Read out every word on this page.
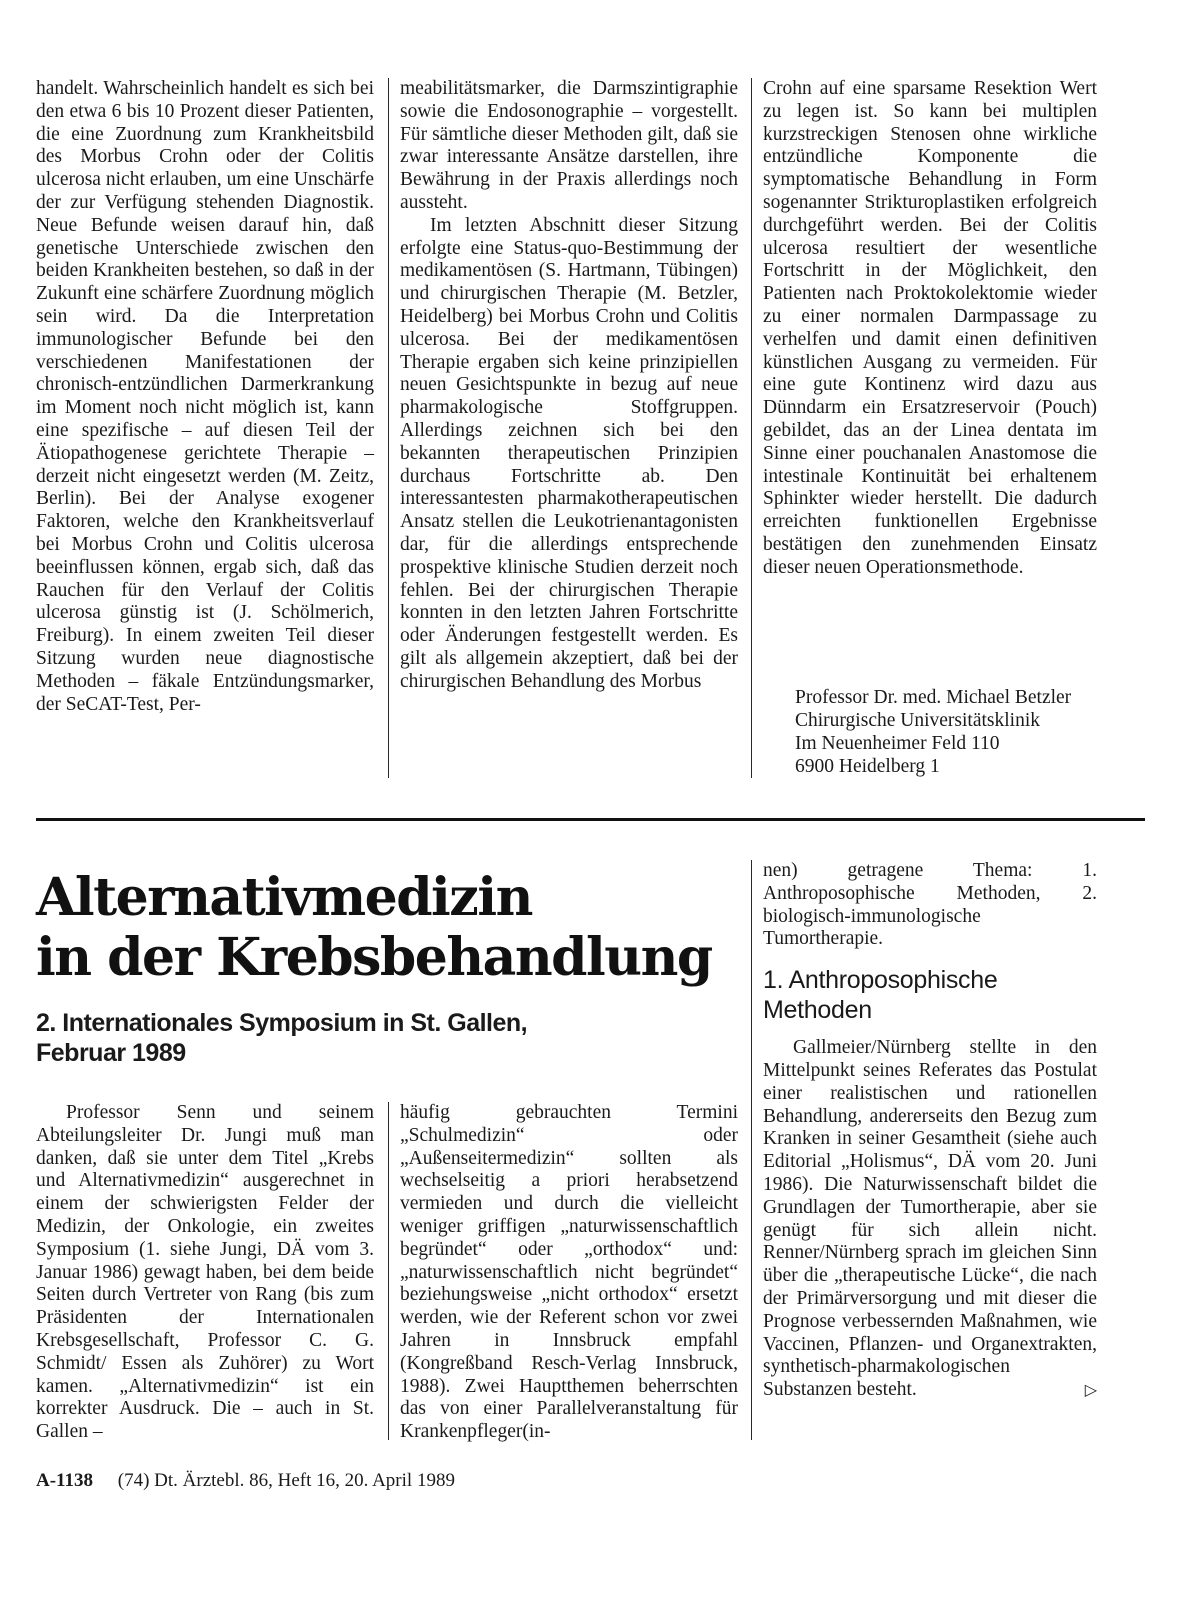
handelt. Wahrscheinlich handelt es sich bei den etwa 6 bis 10 Prozent dieser Patienten, die eine Zuordnung zum Krankheitsbild des Morbus Crohn oder der Colitis ulcerosa nicht erlauben, um eine Unschärfe der zur Verfügung stehenden Diagnostik. Neue Befunde weisen darauf hin, daß genetische Unterschiede zwischen den beiden Krankheiten bestehen, so daß in der Zukunft eine schärfere Zuordnung möglich sein wird. Da die Interpretation immunologischer Befunde bei den verschiedenen Manifestationen der chronisch-entzündlichen Darmerkrankung im Moment noch nicht möglich ist, kann eine spezifische – auf diesen Teil der Ätiopathogenese gerichtete Therapie – derzeit nicht eingesetzt werden (M. Zeitz, Berlin). Bei der Analyse exogener Faktoren, welche den Krankheitsverlauf bei Morbus Crohn und Colitis ulcerosa beeinflussen können, ergab sich, daß das Rauchen für den Verlauf der Colitis ulcerosa günstig ist (J. Schölmerich, Freiburg). In einem zweiten Teil dieser Sitzung wurden neue diagnostische Methoden – fäkale Entzündungsmarker, der SeCAT-Test, Per-

meabilitätsmarker, die Darmszintigraphie sowie die Endosonographie – vorgestellt. Für sämtliche dieser Methoden gilt, daß sie zwar interessante Ansätze darstellen, ihre Bewährung in der Praxis allerdings noch aussteht.

Im letzten Abschnitt dieser Sitzung erfolgte eine Status-quo-Bestimmung der medikamentösen (S. Hartmann, Tübingen) und chirurgischen Therapie (M. Betzler, Heidelberg) bei Morbus Crohn und Colitis ulcerosa. Bei der medikamentösen Therapie ergaben sich keine prinzipiellen neuen Gesichtspunkte in bezug auf neue pharmakologische Stoffgruppen. Allerdings zeichnen sich bei den bekannten therapeutischen Prinzipien durchaus Fortschritte ab. Den interessantesten pharmakotherapeutischen Ansatz stellen die Leukotrienantagonisten dar, für die allerdings entsprechende prospektive klinische Studien derzeit noch fehlen. Bei der chirurgischen Therapie konnten in den letzten Jahren Fortschritte oder Änderungen festgestellt werden. Es gilt als allgemein akzeptiert, daß bei der chirurgischen Behandlung des Morbus

Crohn auf eine sparsame Resektion Wert zu legen ist. So kann bei multiplen kurzstreckigen Stenosen ohne wirkliche entzündliche Komponente die symptomatische Behandlung in Form sogenannter Strikturoplastiken erfolgreich durchgeführt werden. Bei der Colitis ulcerosa resultiert der wesentliche Fortschritt in der Möglichkeit, den Patienten nach Proktokolektomie wieder zu einer normalen Darmpassage zu verhelfen und damit einen definitiven künstlichen Ausgang zu vermeiden. Für eine gute Kontinenz wird dazu aus Dünndarm ein Ersatzreservoir (Pouch) gebildet, das an der Linea dentata im Sinne einer pouchanalen Anastomose die intestinale Kontinuität bei erhaltenem Sphinkter wieder herstellt. Die dadurch erreichten funktionellen Ergebnisse bestätigen den zunehmenden Einsatz dieser neuen Operationsmethode.

Professor Dr. med. Michael Betzler
Chirurgische Universitätsklinik
Im Neuenheimer Feld 110
6900 Heidelberg 1
Alternativmedizin
in der Krebsbehandlung
2. Internationales Symposium in St. Gallen,
Februar 1989

Professor Senn und seinem Abteilungsleiter Dr. Jungi muß man danken, daß sie unter dem Titel „Krebs und Alternativmedizin“ ausgerechnet in einem der schwierigsten Felder der Medizin, der Onkologie, ein zweites Symposium (1. siehe Jungi, DÄ vom 3. Januar 1986) gewagt haben, bei dem beide Seiten durch Vertreter von Rang (bis zum Präsidenten der Internationalen Krebsgesellschaft, Professor C. G. Schmidt/ Essen als Zuhörer) zu Wort kamen. „Alternativmedizin“ ist ein korrekter Ausdruck. Die – auch in St. Gallen –

häufig gebrauchten Termini „Schulmedizin“ oder „Außenseitermedizin“ sollten als wechselseitig a priori herabsetzend vermieden und durch die vielleicht weniger griffigen „naturwissenschaftlich begründet“ oder „orthodox“ und: „naturwissenschaftlich nicht begründet“ beziehungsweise „nicht orthodox“ ersetzt werden, wie der Referent schon vor zwei Jahren in Innsbruck empfahl (Kongreßband Resch-Verlag Innsbruck, 1988). Zwei Hauptthemen beherrschten das von einer Parallelveranstaltung für Krankenpfleger(in-

nen) getragene Thema: 1. Anthroposophische Methoden, 2. biologisch-immunologische Tumortherapie.

1. Anthroposophische Methoden

Gallmeier/Nürnberg stellte in den Mittelpunkt seines Referates das Postulat einer realistischen und rationellen Behandlung, andererseits den Bezug zum Kranken in seiner Gesamtheit (siehe auch Editorial „Holismus“, DÄ vom 20. Juni 1986). Die Naturwissenschaft bildet die Grundlagen der Tumortherapie, aber sie genügt für sich allein nicht. Renner/Nürnberg sprach im gleichen Sinn über die „therapeutische Lücke“, die nach der Primärversorgung und mit dieser die Prognose verbessernden Maßnahmen, wie Vaccinen, Pflanzen- und Organextrakten, synthetisch-pharmakologischen Substanzen besteht.	▷

A-1138 (74) Dt. Ärztebl. 86, Heft 16, 20. April 1989
